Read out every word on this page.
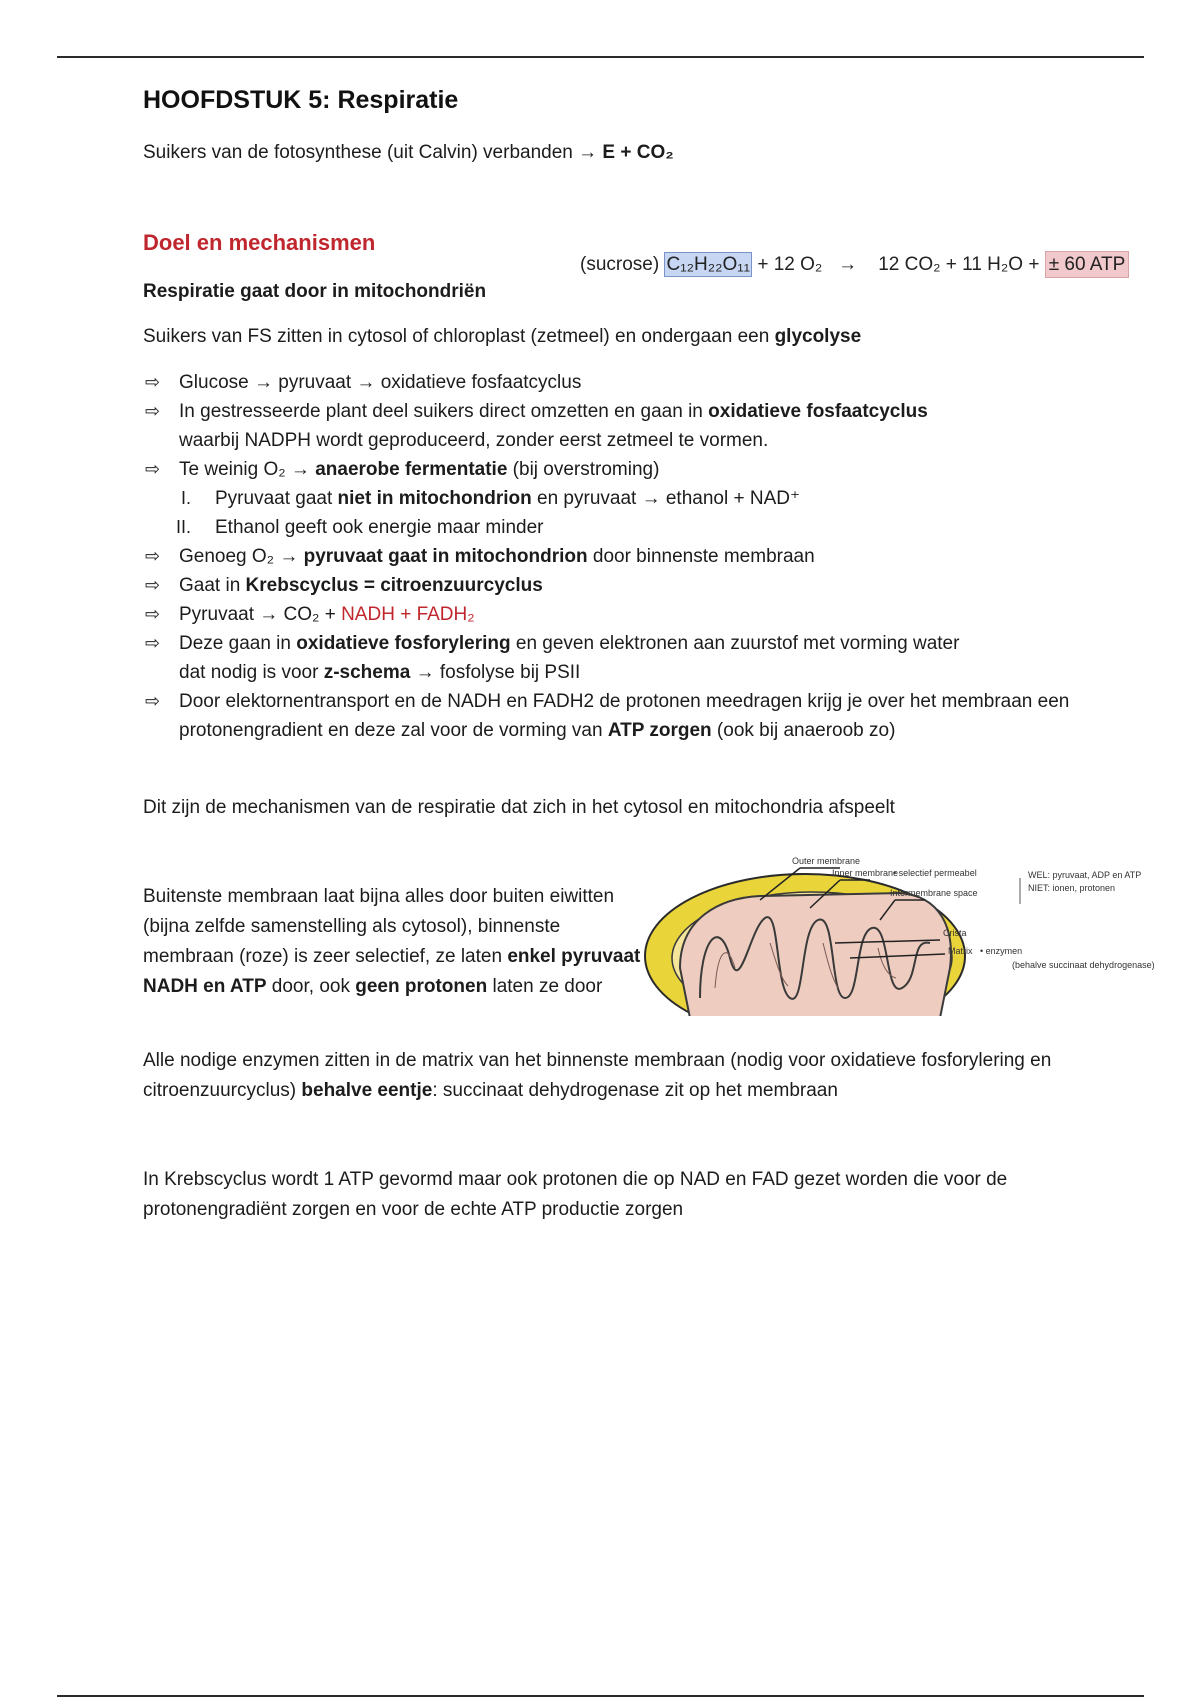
HOOFDSTUK 5: Respiratie
Suikers van de fotosynthese (uit Calvin) verbanden → E + CO₂
Doel en mechanismen
(sucrose) C₁₂H₂₂O₁₁ + 12 O₂   →    12 CO₂ + 11 H₂O + ± 60 ATP
Respiratie gaat door in mitochondriën
Suikers van FS zitten in cytosol of chloroplast (zetmeel) en ondergaan een glycolyse
⇨ Glucose → pyruvaat → oxidatieve fosfaatcyclus
⇨ In gestresseerde plant deel suikers direct omzetten en gaan in oxidatieve fosfaatcyclus
waarbij NADPH wordt geproduceerd, zonder eerst zetmeel te vormen.
⇨ Te weinig O₂ → anaerobe fermentatie (bij overstroming)
I. Pyruvaat gaat niet in mitochondrion en pyruvaat → ethanol + NAD⁺
II. Ethanol geeft ook energie maar minder
⇨ Genoeg O₂ → pyruvaat gaat in mitochondrion door binnenste membraan
⇨ Gaat in Krebscyclus = citroenzuurcyclus
⇨ Pyruvaat → CO₂ + NADH + FADH₂
⇨ Deze gaan in oxidatieve fosforylering en geven elektronen aan zuurstof met vorming water
dat nodig is voor z-schema → fosfolyse bij PSII
⇨ Door elektornentransport en de NADH en FADH2 de protonen meedragen krijg je over het membraan een protonengradient en deze zal voor de vorming van ATP zorgen (ook bij anaeroob zo)
Dit zijn de mechanismen van de respiratie dat zich in het cytosol en mitochondria afspeelt
Buitenste membraan laat bijna alles door buiten eiwitten (bijna zelfde samenstelling als cytosol), binnenste membraan (roze) is zeer selectief, ze laten enkel pyruvaat NADH en ATP door, ook geen protonen laten ze door
Outer membrane
Inner membrane
• selectief permeabel	WEL: pyruvaat, ADP en ATP
NIET: ionen, protonen
Intermembrane space
Crista
Matrix • enzymen
(behalve succinaat dehydrogenase)
Alle nodige enzymen zitten in de matrix van het binnenste membraan (nodig voor oxidatieve fosforylering en citroenzuurcyclus) behalve eentje: succinaat dehydrogenase zit op het membraan
In Krebscyclus wordt 1 ATP gevormd maar ook protonen die op NAD en FAD gezet worden die voor de protonengradiënt zorgen en voor de echte ATP productie zorgen
